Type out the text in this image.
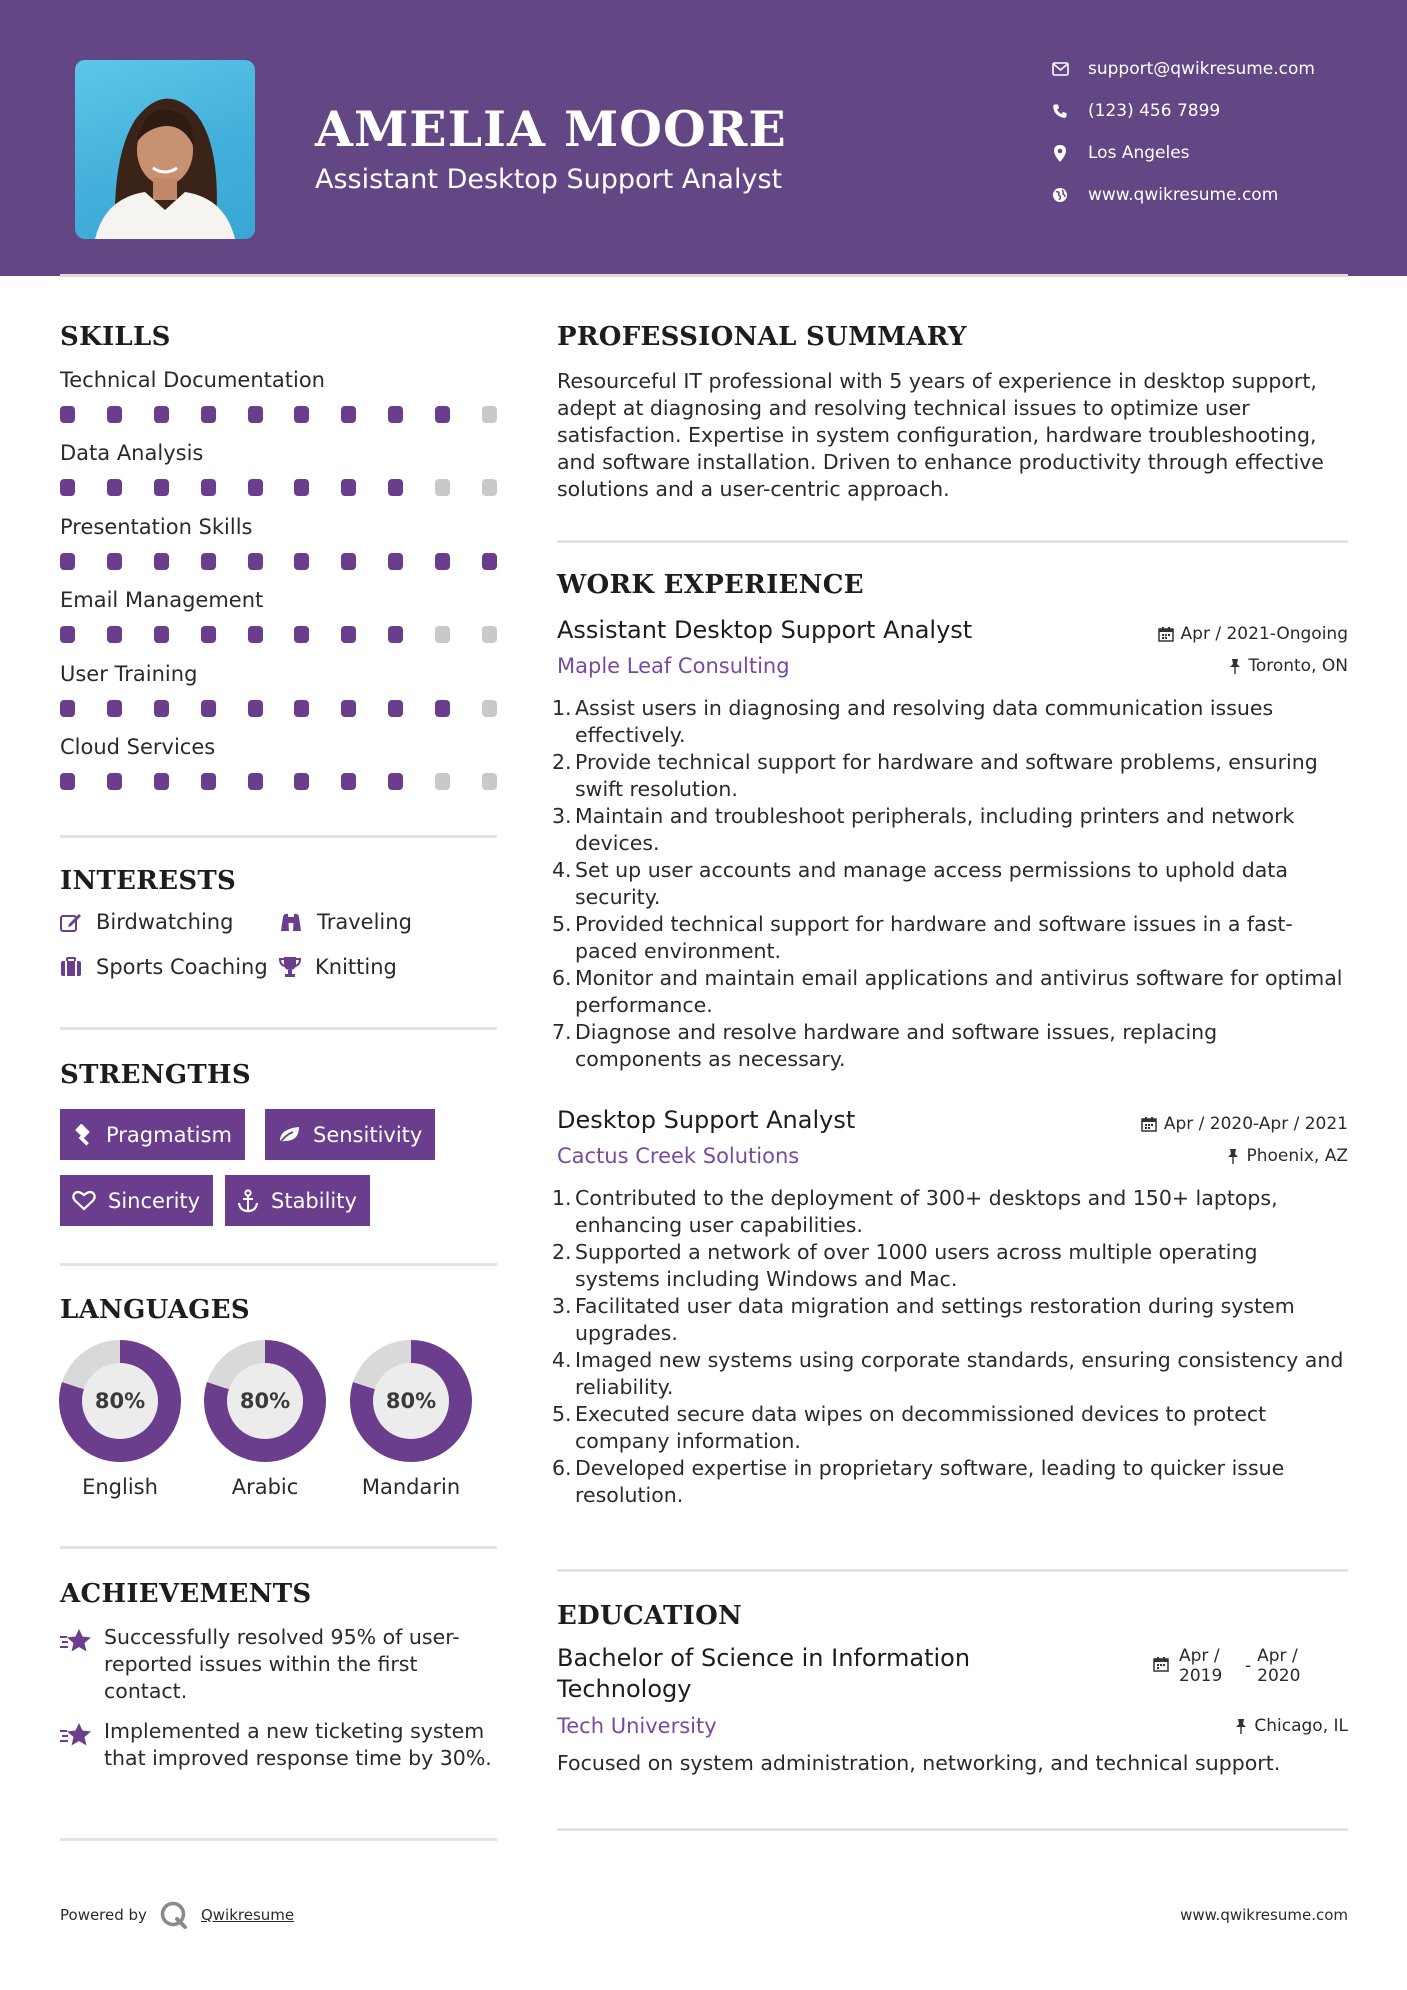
AMELIA MOORE
Assistant Desktop Support Analyst
support@qwikresume.com
(123) 456 7899
Los Angeles
www.qwikresume.com
SKILLS
Technical Documentation
Data Analysis
Presentation Skills
Email Management
User Training
Cloud Services
INTERESTS
Birdwatching	Traveling
Sports Coaching Knitting
STRENGTHS
Pragmatism	Sensitivity
Sincerity	Stability
LANGUAGES
80%
English
80%
Arabic
80%
Mandarin
ACHIEVEMENTS
Successfully resolved 95% of user-reported issues within the first contact.
Implemented a new ticketing system that improved response time by 30%.
PROFESSIONAL SUMMARY
Resourceful IT professional with 5 years of experience in desktop support, adept at diagnosing and resolving technical issues to optimize user satisfaction. Expertise in system configuration, hardware troubleshooting, and software installation. Driven to enhance productivity through effective solutions and a user-centric approach.
WORK EXPERIENCE
Assistant Desktop Support Analyst	Apr / 2021-Ongoing
Maple Leaf Consulting	Toronto, ON
1. Assist users in diagnosing and resolving data communication issues effectively.
2. Provide technical support for hardware and software problems, ensuring swift resolution.
3. Maintain and troubleshoot peripherals, including printers and network devices.
4. Set up user accounts and manage access permissions to uphold data security.
5. Provided technical support for hardware and software issues in a fast-paced environment.
6. Monitor and maintain email applications and antivirus software for optimal performance.
7. Diagnose and resolve hardware and software issues, replacing components as necessary.
Desktop Support Analyst	Apr / 2020-Apr / 2021
Cactus Creek Solutions	Phoenix, AZ
1. Contributed to the deployment of 300+ desktops and 150+ laptops, enhancing user capabilities.
2. Supported a network of over 1000 users across multiple operating systems including Windows and Mac.
3. Facilitated user data migration and settings restoration during system upgrades.
4. Imaged new systems using corporate standards, ensuring consistency and reliability.
5. Executed secure data wipes on decommissioned devices to protect company information.
6. Developed expertise in proprietary software, leading to quicker issue resolution.
EDUCATION
Bachelor of Science in Information Technology
Apr / 2019 - Apr / 2020
Tech University	Chicago, IL
Focused on system administration, networking, and technical support.
Powered by	Qwikresume	www.qwikresume.com
